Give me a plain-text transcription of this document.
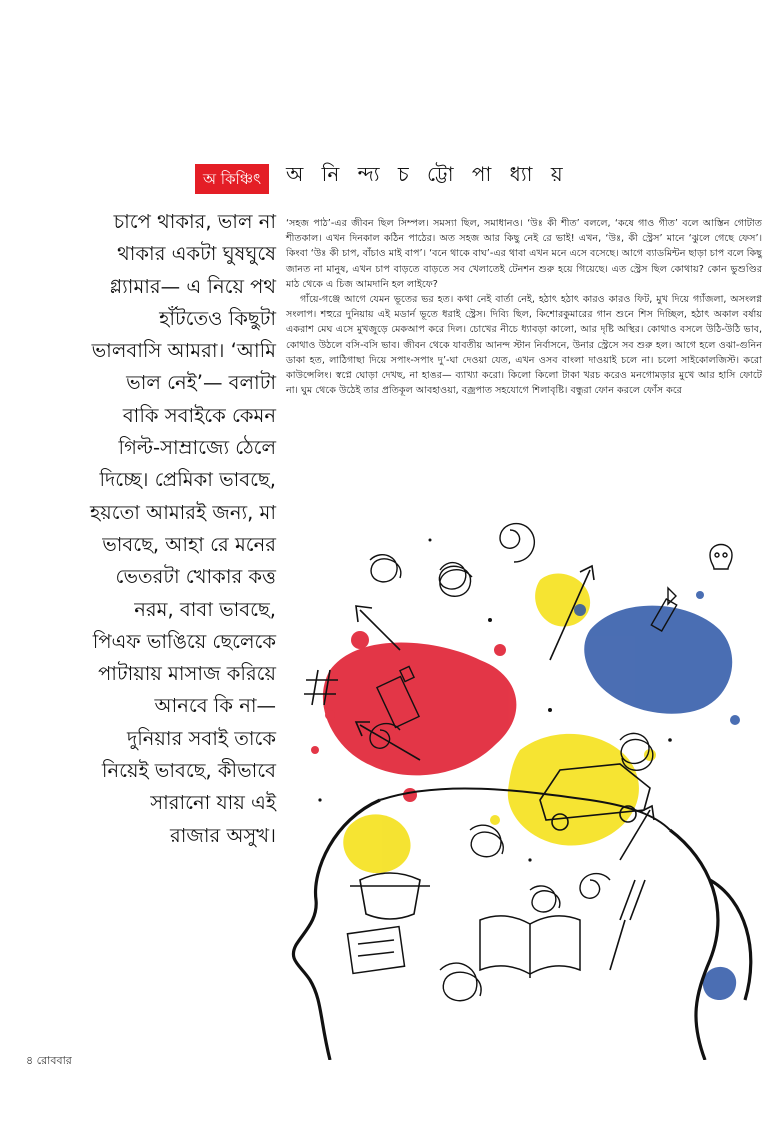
অ কিঞ্চিৎ	অ নি ন্দ্য চ ট্টো পা ধ্যা য়
চাপে থাকার, ভাল না
থাকার একটা ঘুষঘুষে
গ্ল্যামার— এ নিয়ে পথ
হাঁটতেও কিছুটা
ভালবাসি আমরা। ‘আমি
ভাল নেই’— বলাটা
বাকি সবাইকে কেমন
গিল্ট-সাম্রাজ্যে ঠেলে
দিচ্ছে। প্রেমিকা ভাবছে,
হয়তো আমারই জন্য, মা
ভাবছে, আহা রে মনের
ভেতরটা খোকার কত্ত
নরম, বাবা ভাবছে,
পিএফ ভাঙিয়ে ছেলেকে
পাটায়ায় মাসাজ করিয়ে
আনবে কি না—
দুনিয়ার সবাই তাকে
নিয়েই ভাবছে, কীভাবে
সারানো যায় এই
রাজার অসুখ।

‘সহজ পাঠ’-এর জীবন ছিল সিম্পল। সমস্যা ছিল, সমাধানও। ‘উঃ কী শীত’ বললে, ‘কষে গাও গীত’ বলে আস্তিন গোটাত শীতকাল। এখন দিনকাল কঠিন পাঠের। অত সহজ আর কিছু নেই রে ভাই! এখন, ‘উঃ, কী স্ট্রেস’ মানে ‘ঝুলে গেছে ফেস’। কিংবা ‘উঃ কী চাপ, বাঁচাও মাই বাপ’। ‘বনে থাকে বাঘ’-এর থাবা এখন মনে এসে বসেছে। আগে ব্যাডমিন্টন ছাড়া চাপ বলে কিছু জানত না মানুষ, এখন চাপ বাড়তে বাড়তে সব খেলাতেই টেনশন শুরু হয়ে গিয়েছে। এত স্ট্রেস ছিল কোথায়? কোন ভুশুণ্ডির মাঠ থেকে এ চিজ আমদানি হল লাইফে?

গাঁয়ে-গঞ্জে আগে যেমন ভূতের ভর হত। কথা নেই বার্তা নেই, হঠাৎ হঠাৎ কারও কারও ফিট, মুখ দিয়ে গ্যাঁজলা, অসংলগ্ন সংলাপ। শহুরে দুনিয়ায় এই মডার্ন ভূতে ধরাই স্ট্রেস। দিব্যি ছিল, কিশোরকুমারের গান শুনে শিস দিচ্ছিল, হঠাৎ অকাল বর্ষায় একরাশ মেঘ এসে মুখজুড়ে মেকআপ করে দিল। চোখের নীচে ধ্যাবড়া কালো, আর দৃষ্টি অস্থির। কোথাও বসলে উঠি-উঠি ভাব, কোথাও উঠলে বসি-বসি ভাব। জীবন থেকে যাবতীয় আনন্দ স্টান নির্বাসনে, উনার স্ট্রেসে সব শুরু হল। আগে হলে ওঝা-গুনিন ডাকা হত, লাঠিগাছা দিয়ে সপাং-সপাং দু’-ঘা দেওয়া যেত, এখন ওসব বাংলা দাওয়াই চলে না। চলো সাইকোলজিস্ট। করো কাউন্সেলিং। স্বপ্নে ঘোড়া দেখছ, না হাঙর— ব্যাখ্যা করো। কিলো কিলো টাকা খরচ করেও মনগোমড়ার মুখে আর হাসি ফোটে না। ঘুম থেকে উঠেই তার প্রতিকূল আবহাওয়া, বজ্রপাত সহযোগে শিলাবৃষ্টি। বন্ধুরা ফোন করলে ফোঁস করে

৪ রোববার
